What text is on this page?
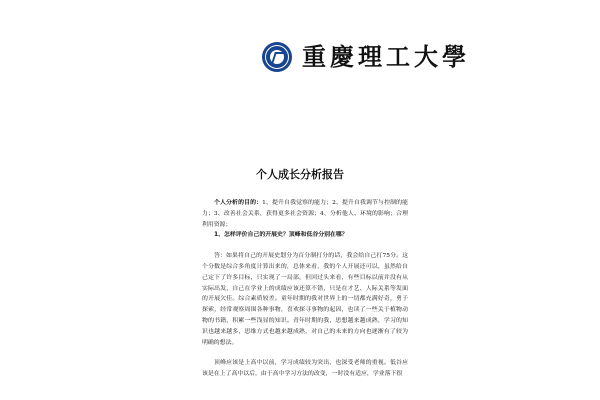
重慶理工大學
个人成长分析报告

个人分析的目的：1、提升自我觉察的能力；2、提升自我调节与控制的能力；3、改善社会关系，获得更多社会资源；4、分析他人、环境的影响；合理利用资源；

1、怎样评价自己的开展史？顶峰和低谷分别在哪？

答：如果将自己的开展史划分为百分制打分的话，我会给自己打75分。这个分数是综合多角度计算出来的，总体来看，我的个人开展还可以，虽然给自己定下了许多目标，只实现了一局部，但回过头来看，有些目标以前并没有从实际出发，自己在学业上的成绩应该还算不错，只是在才艺、人际关系等发面的开展欠佳。综合素质较差。童年时期的我对世界上的一切都充满好奇，勇于探索，经常观察周围各种事物，喜欢探寻事物的起因，也读了一些关于植物动物的书籍，积累一些浅显的知识。青年时期的我，思想越来越成熟，学习的知识也越来越多，思维方式也越来越成熟，对自己的未来的方向也逐渐有了较为明确的想法。

顶峰应该是上高中以前，学习成绩较为突出，也深受老师的重视。低谷应该是在上了高中以后，由于高中学习方法的改变，一时没有适应，学业落下很
